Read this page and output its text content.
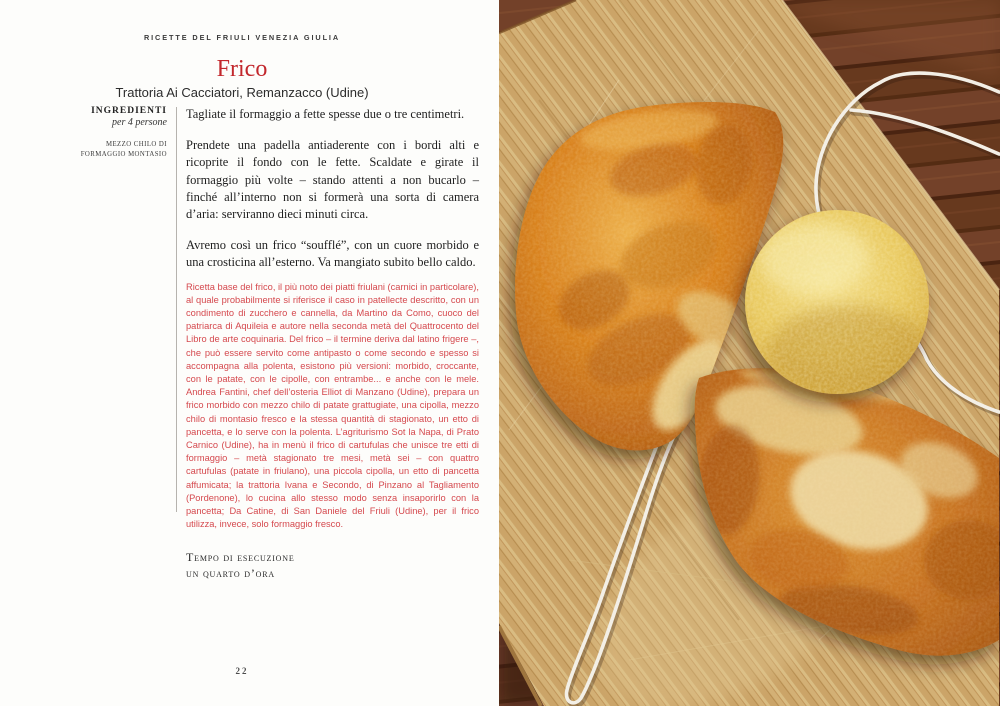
RICETTE DEL FRIULI VENEZIA GIULIA
Frico
Trattoria Ai Cacciatori, Remanzacco (Udine)
INGREDIENTI
per 4 persone
MEZZO CHILO DI FORMAGGIO MONTASIO

Tagliate il formaggio a fette spesse due o tre centimetri.

Prendete una padella antiaderente con i bordi alti e ricoprite il fondo con le fette. Scaldate e girate il formaggio più volte – stando attenti a non bucarlo – finché all’interno non si formerà una sorta di camera d’aria: serviranno dieci minuti circa.

Avremo così un frico “soufflé”, con un cuore morbido e una crosticina all’esterno. Va mangiato subito bello caldo.

Ricetta base del frico, il più noto dei piatti friulani (carnici in particolare), al quale probabilmente si riferisce il caso in patellecte descritto, con un condimento di zucchero e cannella, da Martino da Como, cuoco del patriarca di Aquileia e autore nella seconda metà del Quattrocento del Libro de arte coquinaria. Del frico – il termine deriva dal latino frigere –, che può essere servito come antipasto o come secondo e spesso si accompagna alla polenta, esistono più versioni: morbido, croccante, con le patate, con le cipolle, con entrambe... e anche con le mele. Andrea Fantini, chef dell’osteria Elliot di Manzano (Udine), prepara un frico morbido con mezzo chilo di patate grattugiate, una cipolla, mezzo chilo di montasio fresco e la stessa quantità di stagionato, un etto di pancetta, e lo serve con la polenta. L’agriturismo Sot la Napa, di Prato Carnico (Udine), ha in menù il frico di cartufulas che unisce tre etti di formaggio – metà stagionato tre mesi, metà sei – con quattro cartufulas (patate in friulano), una piccola cipolla, un etto di pancetta affumicata; la trattoria Ivana e Secondo, di Pinzano al Tagliamento (Pordenone), lo cucina allo stesso modo senza insaporirlo con la pancetta; Da Catine, di San Daniele del Friuli (Udine), per il frico utilizza, invece, solo formaggio fresco.

Tempo di esecuzione
un quarto d’ora
22
